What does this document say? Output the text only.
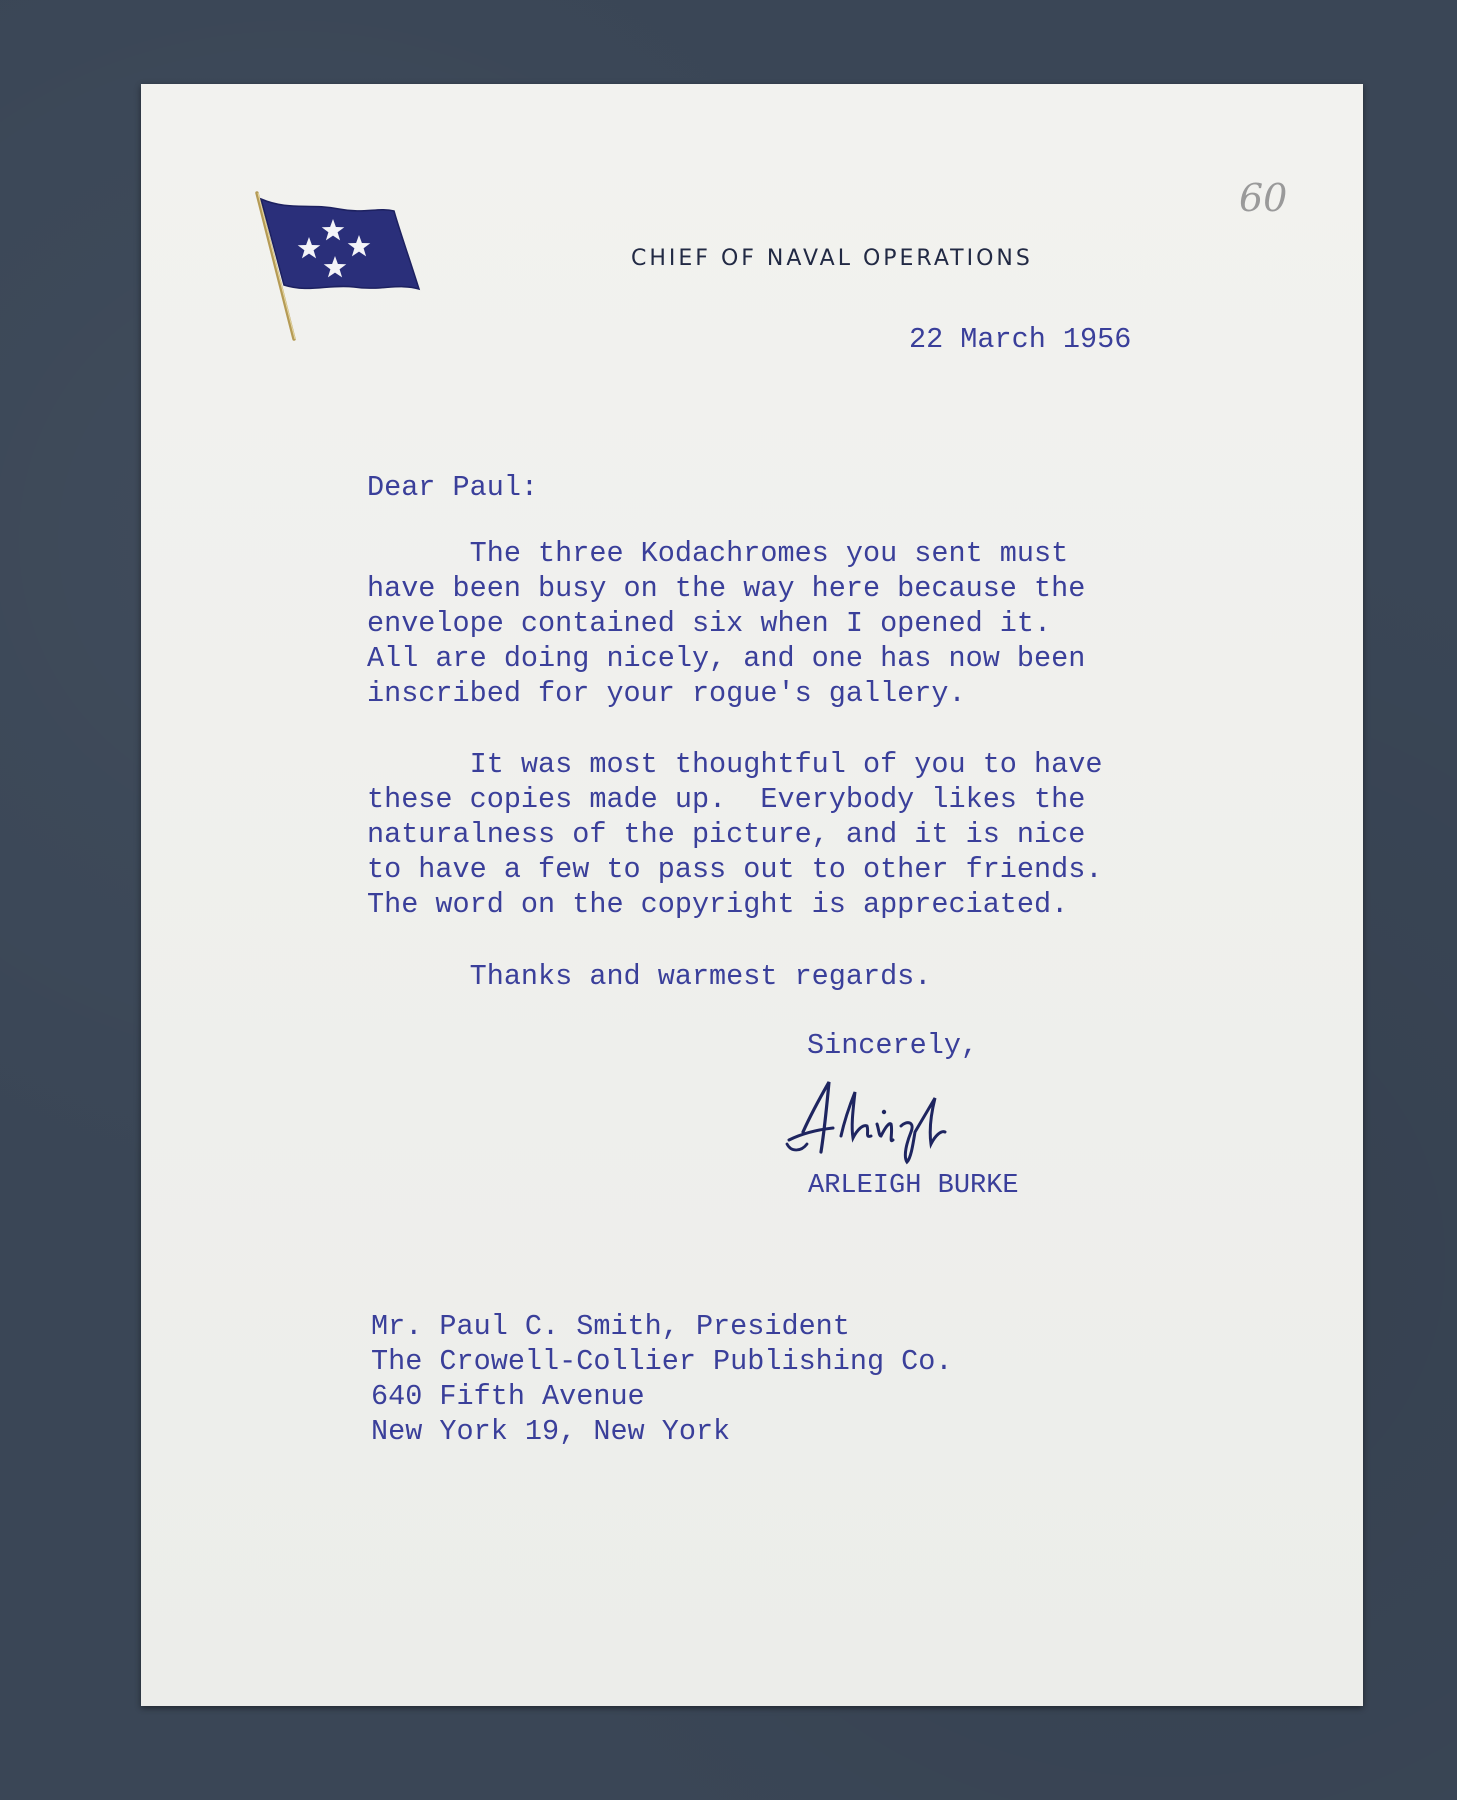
60
CHIEF OF NAVAL OPERATIONS
22 March 1956
Dear Paul:
The three Kodachromes you sent must
have been busy on the way here because the
envelope contained six when I opened it.
All are doing nicely, and one has now been
inscribed for your rogue's gallery.
It was most thoughtful of you to have
these copies made up.  Everybody likes the
naturalness of the picture, and it is nice
to have a few to pass out to other friends.
The word on the copyright is appreciated.
Thanks and warmest regards.
Sincerely,
ARLEIGH BURKE
Mr. Paul C. Smith, President
The Crowell-Collier Publishing Co.
640 Fifth Avenue
New York 19, New York
